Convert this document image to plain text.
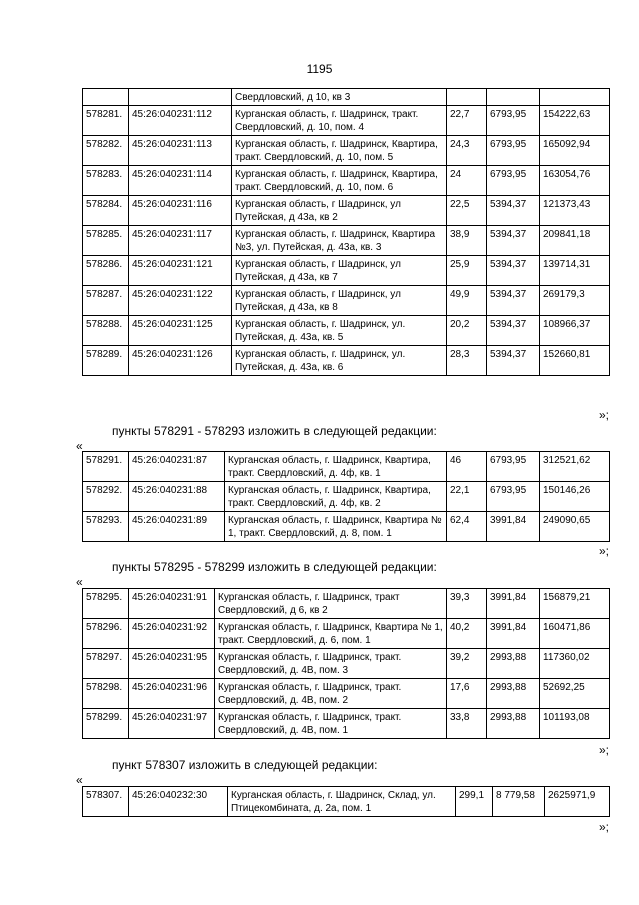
1195
		Свердловский, д 10, кв 3			
578281.	45:26:040231:112	Курганская область, г. Шадринск, тракт. Свердловский, д. 10, пом. 4	22,7	6793,95	154222,63
578282.	45:26:040231:113	Курганская область, г. Шадринск, Квартира, тракт. Свердловский, д. 10, пом. 5	24,3	6793,95	165092,94
578283.	45:26:040231:114	Курганская область, г. Шадринск, Квартира, тракт. Свердловский, д. 10, пом. 6	24	6793,95	163054,76
578284.	45:26:040231:116	Курганская область, г Шадринск, ул Путейская, д 43а, кв 2	22,5	5394,37	121373,43
578285.	45:26:040231:117	Курганская область, г. Шадринск, Квартира №3, ул. Путейская, д. 43а, кв. 3	38,9	5394,37	209841,18
578286.	45:26:040231:121	Курганская область, г Шадринск, ул Путейская, д 43а, кв 7	25,9	5394,37	139714,31
578287.	45:26:040231:122	Курганская область, г Шадринск, ул Путейская, д 43а, кв 8	49,9	5394,37	269179,3
578288.	45:26:040231:125	Курганская область, г. Шадринск, ул. Путейская, д. 43а, кв. 5	20,2	5394,37	108966,37
578289.	45:26:040231:126	Курганская область, г. Шадринск, ул. Путейская, д. 43а, кв. 6	28,3	5394,37	152660,81
»;
пункты 578291 - 578293 изложить в следующей редакции:
«
578291.	45:26:040231:87	Курганская область, г. Шадринск, Квартира, тракт. Свердловский, д. 4ф, кв. 1	46	6793,95	312521,62
578292.	45:26:040231:88	Курганская область, г. Шадринск, Квартира, тракт. Свердловский, д. 4ф, кв. 2	22,1	6793,95	150146,26
578293.	45:26:040231:89	Курганская область, г. Шадринск, Квартира № 1, тракт. Свердловский, д. 8, пом. 1	62,4	3991,84	249090,65
»;
пункты 578295 - 578299 изложить в следующей редакции:
«
578295.	45:26:040231:91	Курганская область, г. Шадринск, тракт Свердловский, д 6, кв 2	39,3	3991,84	156879,21
578296.	45:26:040231:92	Курганская область, г. Шадринск, Квартира № 1, тракт. Свердловский, д. 6, пом. 1	40,2	3991,84	160471,86
578297.	45:26:040231:95	Курганская область, г. Шадринск, тракт. Свердловский, д. 4В, пом. 3	39,2	2993,88	117360,02
578298.	45:26:040231:96	Курганская область, г. Шадринск, тракт. Свердловский, д. 4В, пом. 2	17,6	2993,88	52692,25
578299.	45:26:040231:97	Курганская область, г. Шадринск, тракт. Свердловский, д. 4В, пом. 1	33,8	2993,88	101193,08
»;
пункт 578307 изложить в следующей редакции:
«
578307.	45:26:040232:30	Курганская область, г. Шадринск, Склад, ул. Птицекомбината, д. 2а, пом. 1	299,1	8 779,58	2625971,9
»;
